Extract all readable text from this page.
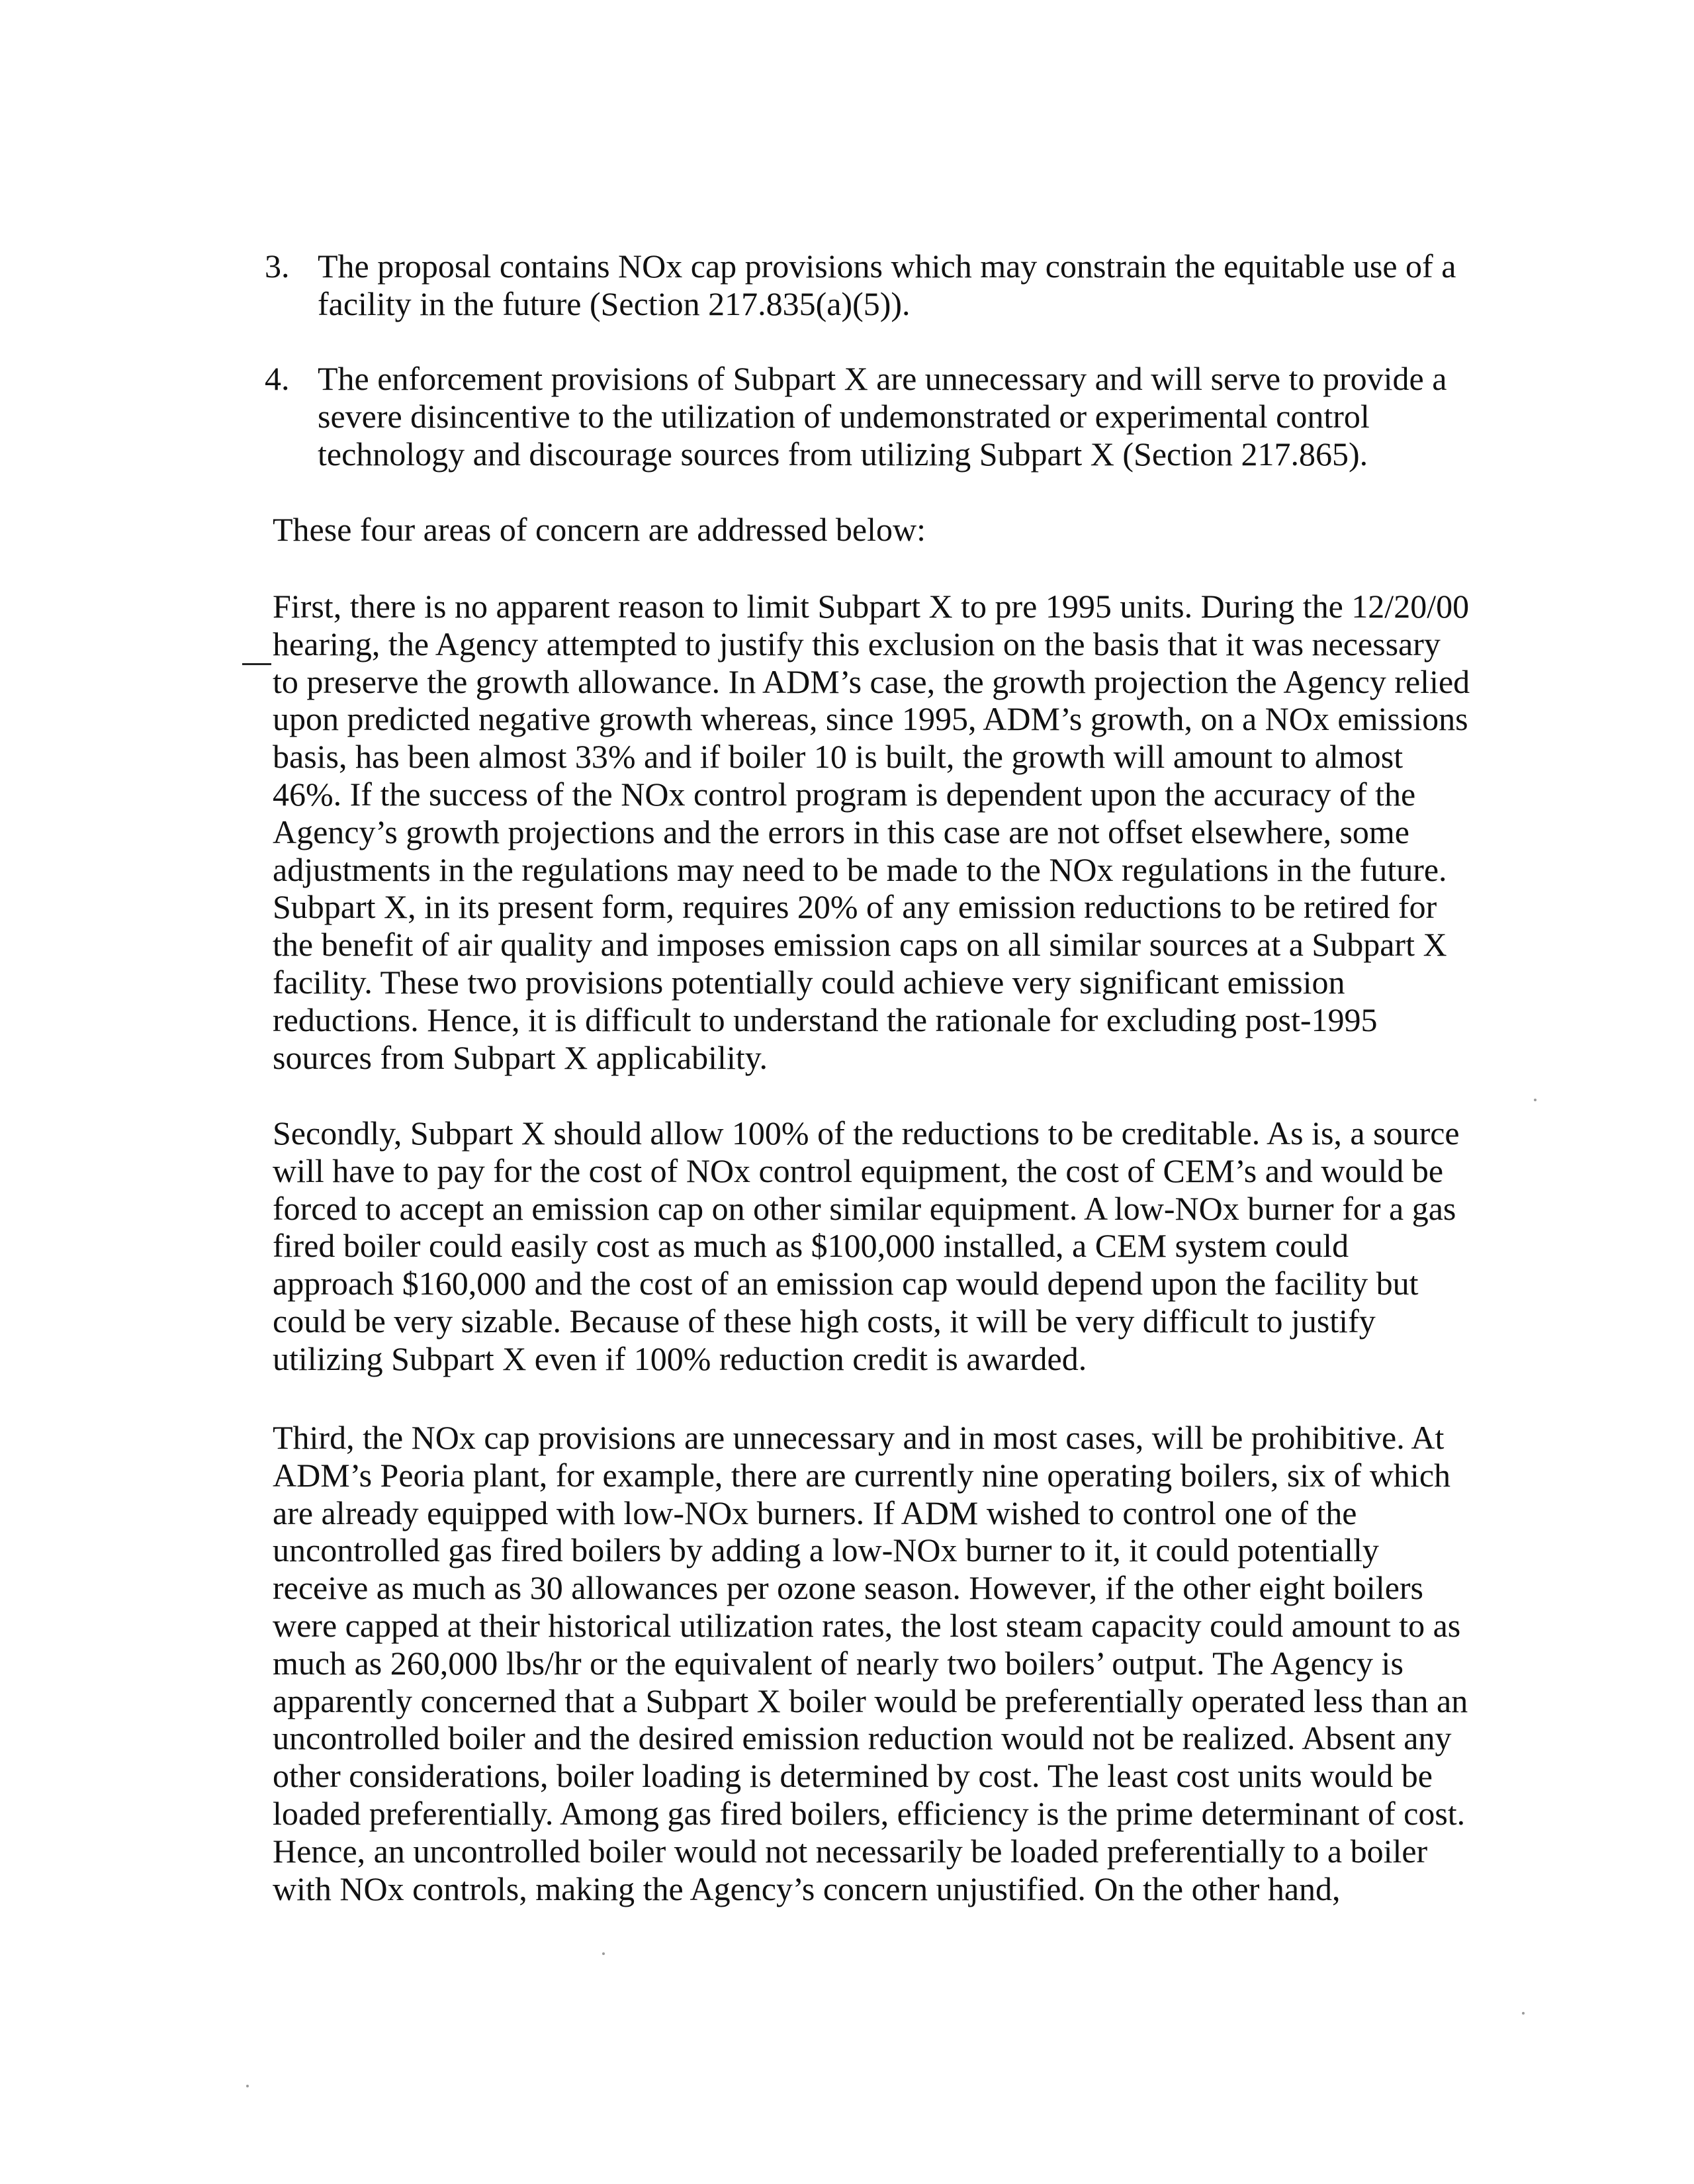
3. The proposal contains NOx cap provisions which may constrain the equitable use of a facility in the future (Section 217.835(a)(5)).
4. The enforcement provisions of Subpart X are unnecessary and will serve to provide a severe disincentive to the utilization of undemonstrated or experimental control technology and discourage sources from utilizing Subpart X (Section 217.865).
These four areas of concern are addressed below:
First, there is no apparent reason to limit Subpart X to pre 1995 units. During the 12/20/00 hearing, the Agency attempted to justify this exclusion on the basis that it was necessary to preserve the growth allowance. In ADM’s case, the growth projection the Agency relied upon predicted negative growth whereas, since 1995, ADM’s growth, on a NOx emissions basis, has been almost 33% and if boiler 10 is built, the growth will amount to almost 46%. If the success of the NOx control program is dependent upon the accuracy of the Agency’s growth projections and the errors in this case are not offset elsewhere, some adjustments in the regulations may need to be made to the NOx regulations in the future. Subpart X, in its present form, requires 20% of any emission reductions to be retired for the benefit of air quality and imposes emission caps on all similar sources at a Subpart X facility. These two provisions potentially could achieve very significant emission reductions. Hence, it is difficult to understand the rationale for excluding post-1995 sources from Subpart X applicability.
Secondly, Subpart X should allow 100% of the reductions to be creditable. As is, a source will have to pay for the cost of NOx control equipment, the cost of CEM’s and would be forced to accept an emission cap on other similar equipment. A low-NOx burner for a gas fired boiler could easily cost as much as $100,000 installed, a CEM system could approach $160,000 and the cost of an emission cap would depend upon the facility but could be very sizable. Because of these high costs, it will be very difficult to justify utilizing Subpart X even if 100% reduction credit is awarded.
Third, the NOx cap provisions are unnecessary and in most cases, will be prohibitive. At ADM’s Peoria plant, for example, there are currently nine operating boilers, six of which are already equipped with low-NOx burners. If ADM wished to control one of the uncontrolled gas fired boilers by adding a low-NOx burner to it, it could potentially receive as much as 30 allowances per ozone season. However, if the other eight boilers were capped at their historical utilization rates, the lost steam capacity could amount to as much as 260,000 lbs/hr or the equivalent of nearly two boilers’ output. The Agency is apparently concerned that a Subpart X boiler would be preferentially operated less than an uncontrolled boiler and the desired emission reduction would not be realized. Absent any other considerations, boiler loading is determined by cost. The least cost units would be loaded preferentially. Among gas fired boilers, efficiency is the prime determinant of cost. Hence, an uncontrolled boiler would not necessarily be loaded preferentially to a boiler with NOx controls, making the Agency’s concern unjustified. On the other hand,
